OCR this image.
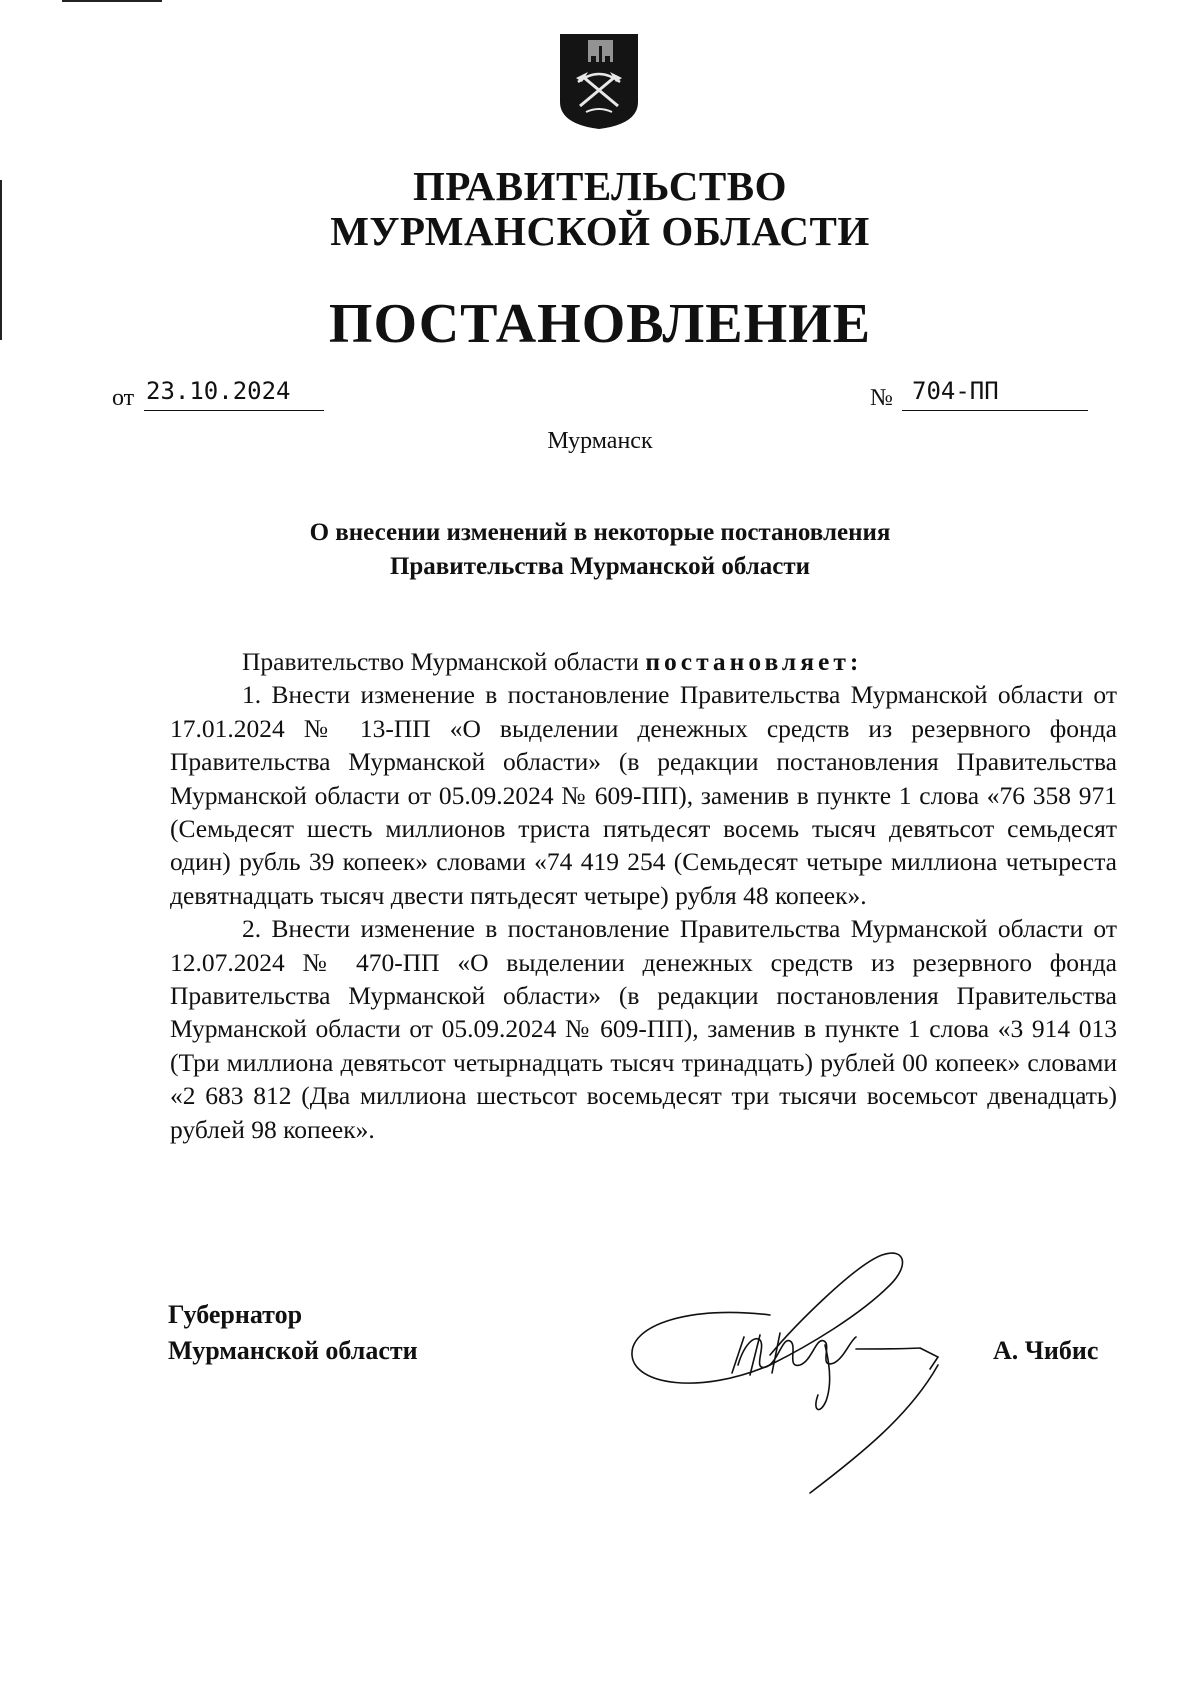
ПРАВИТЕЛЬСТВО
МУРМАНСКОЙ ОБЛАСТИ
ПОСТАНОВЛЕНИЕ
от 23.10.2024	№ 704-ПП
Мурманск
О внесении изменений в некоторые постановления
Правительства Мурманской области

Правительство Мурманской области постановляет:

1. Внести изменение в постановление Правительства Мурманской области от 17.01.2024 № 13-ПП «О выделении денежных средств из резервного фонда Правительства Мурманской области» (в редакции постановления Правительства Мурманской области от 05.09.2024 № 609-ПП), заменив в пункте 1 слова «76 358 971 (Семьдесят шесть миллионов триста пятьдесят восемь тысяч девятьсот семьдесят один) рубль 39 копеек» словами «74 419 254 (Семьдесят четыре миллиона четыреста девятнадцать тысяч двести пятьдесят четыре) рубля 48 копеек».

2. Внести изменение в постановление Правительства Мурманской области от 12.07.2024 № 470-ПП «О выделении денежных средств из резервного фонда Правительства Мурманской области» (в редакции постановления Правительства Мурманской области от 05.09.2024 № 609-ПП), заменив в пункте 1 слова «3 914 013 (Три миллиона девятьсот четырнадцать тысяч тринадцать) рублей 00 копеек» словами «2 683 812 (Два миллиона шестьсот восемьдесят три тысячи восемьсот двенадцать) рублей 98 копеек».

Губернатор
Мурманской области	А. Чибис
